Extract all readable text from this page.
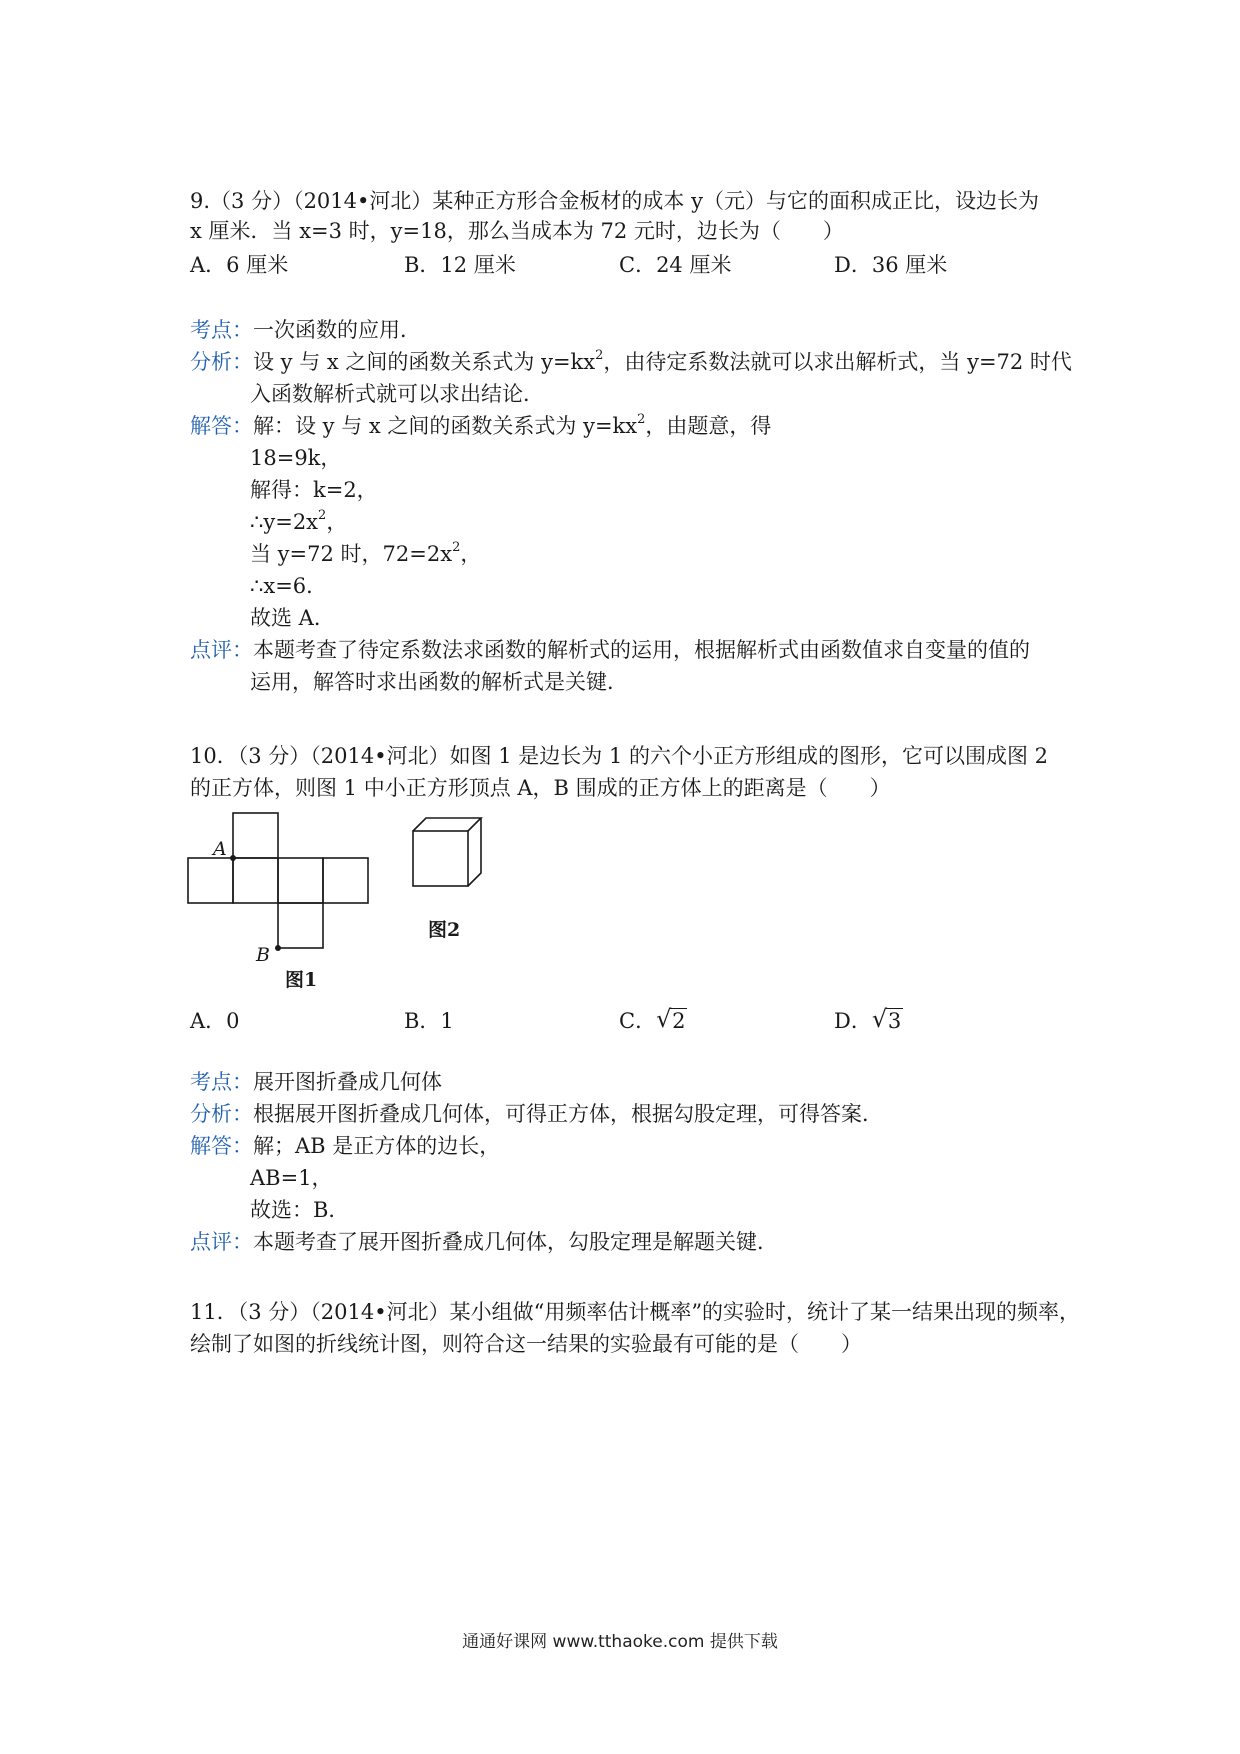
9.（3 分）（2014•河北）某种正方形合金板材的成本 y（元）与它的面积成正比，设边长为
x 厘米．当 x=3 时，y=18，那么当成本为 72 元时，边长为（　　）
A．6 厘米	B．12 厘米	C．24 厘米	D．36 厘米
考点：一次函数的应用．
分析：设 y 与 x 之间的函数关系式为 $y=kx^2$，由待定系数法就可以求出解析式，当 y=72 时代
入函数解析式就可以求出结论．
解答：解：设 y 与 x 之间的函数关系式为 $y=kx^2$，由题意，得
18=9k，
解得：k=2，
$\therefore y=2x^2$，
当 y=72 时，$72=2x^2$，
∴x=6．
故选 A．
点评：本题考查了待定系数法求函数的解析式的运用，根据解析式由函数值求自变量的值的
运用，解答时求出函数的解析式是关键．
10．（3 分）（2014•河北）如图 1 是边长为 1 的六个小正方形组成的图形，它可以围成图 2
的正方体，则图 1 中小正方形顶点 A，B 围成的正方体上的距离是（　　）
A
B
图1
图2
A．0	B．1	C． √ 2	D． √ 3
考点：展开图折叠成几何体
分析：根据展开图折叠成几何体，可得正方体，根据勾股定理，可得答案．
解答：解；AB 是正方体的边长，
AB=1，
故选：B．
点评：本题考查了展开图折叠成几何体，勾股定理是解题关键．
11．（3 分）（2014•河北）某小组做“用频率估计概率”的实验时，统计了某一结果出现的频率，
绘制了如图的折线统计图，则符合这一结果的实验最有可能的是（　　）
通通好课网 www.tthaoke.com 提供下载
